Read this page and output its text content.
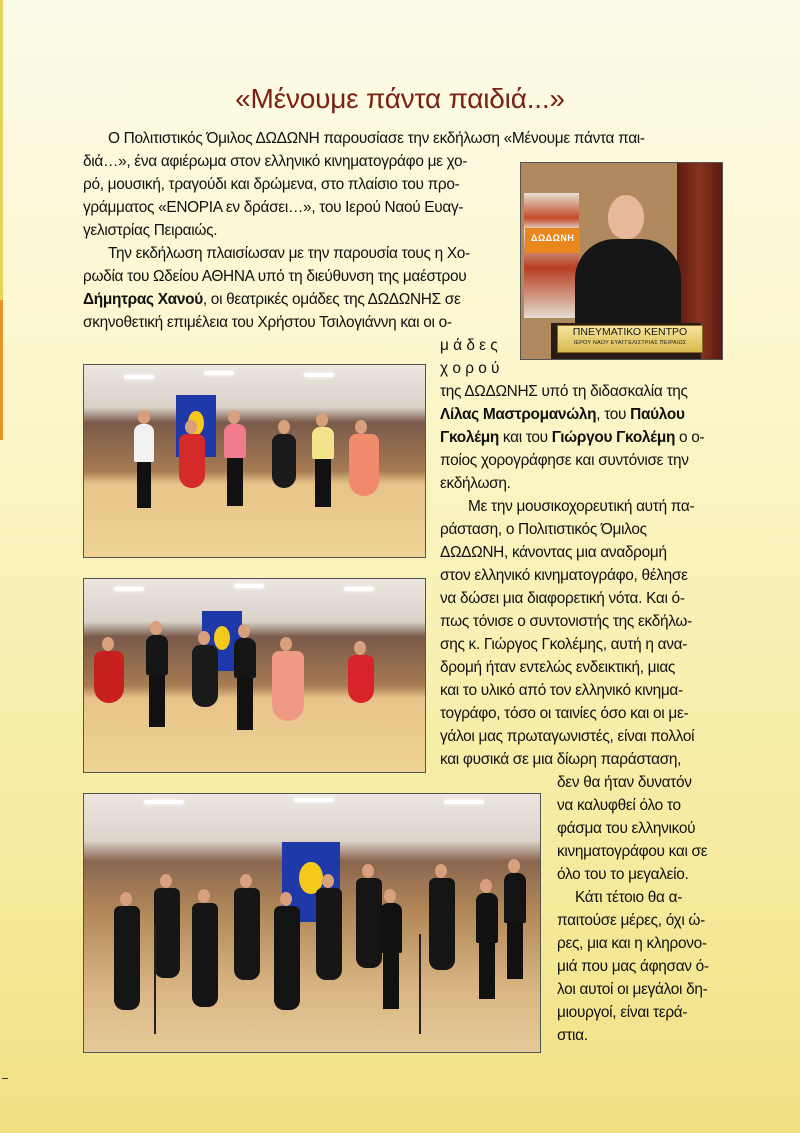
«Μένουμε πάντα παιδιά...»

Ο Πολιτιστικός Όμιλος ΔΩΔΩΝΗ παρουσίασε την εκδήλωση «Μένουμε πάντα παι-

διά…», ένα αφιέρωμα στον ελληνικό κινηματογράφο με χο-

ρό, μουσική, τραγούδι και δρώμενα, στο πλαίσιο του προ-

γράμματος «ΕΝΟΡΙΑ εν δράσει…», του Ιερού Ναού Ευαγ-

γελιστρίας Πειραιώς.

Την εκδήλωση πλαισίωσαν με την παρουσία τους η Χο-

ρωδία του Ωδείου ΑΘΗΝΑ υπό τη διεύθυνση της μαέστρου

Δήμητρας Χανού, οι θεατρικές ομάδες της ΔΩΔΩΝΗΣ σε

σκηνοθετική επιμέλεια του Χρήστου Τσιλογιάννη και οι ο-

μ ά δ ε ς

χ ο ρ ο ύ

της ΔΩΔΩΝΗΣ υπό τη διδασκαλία της

Λίλας Μαστρομανώλη, του Παύλου

Γκολέμη και του Γιώργου Γκολέμη ο ο-

ποίος χορογράφησε και συντόνισε την

εκδήλωση.

Με την μουσικοχορευτική αυτή πα-

ράσταση, ο Πολιτιστικός Όμιλος

ΔΩΔΩΝΗ, κάνοντας μια αναδρομή

στον ελληνικό κινηματογράφο, θέλησε

να δώσει μια διαφορετική νότα. Και ό-

πως τόνισε ο συντονιστής της εκδήλω-

σης κ. Γιώργος Γκολέμης, αυτή η ανα-

δρομή ήταν εντελώς ενδεικτική, μιας

και το υλικό από τον ελληνικό κινημα-

τογράφο, τόσο οι ταινίες όσο και οι με-

γάλοι μας πρωταγωνιστές, είναι πολλοί

και φυσικά σε μια δίωρη παράσταση,

δεν θα ήταν δυνατόν

να καλυφθεί όλο το

φάσμα του ελληνικού

κινηματογράφου και σε

όλο του το μεγαλείο.

Κάτι τέτοιο θα α-

παιτούσε μέρες, όχι ώ-

ρες, μια και η κληρονο-

μιά που μας άφησαν ό-

λοι αυτοί οι μεγάλοι δη-

μιουργοί, είναι τερά-

στια.

ΔΩΔΩΝΗ
ΠΝΕΥΜΑΤΙΚΟ ΚΕΝΤΡΟ
ΙΕΡΟΥ ΝΑΟΥ ΕΥΑΓΓΕΛΙΣΤΡΙΑΣ ΠΕΙΡΑΙΩΣ
